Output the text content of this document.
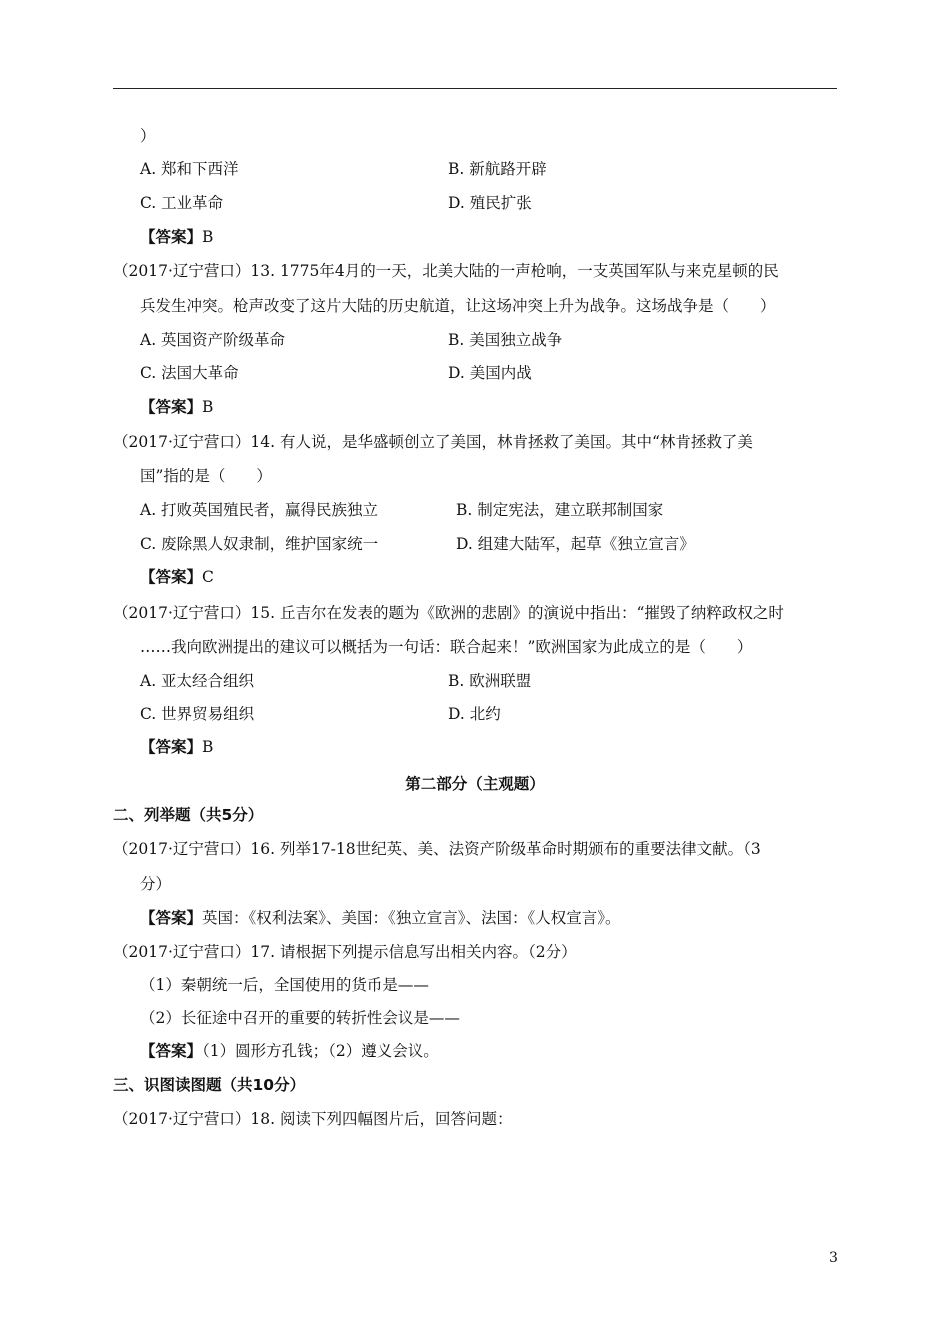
）
A. 郑和下西洋	B. 新航路开辟
C. 工业革命	D. 殖民扩张
【答案】B
（2017·辽宁营口）13. 1775年4月的一天，北美大陆的一声枪响，一支英国军队与来克星顿的民
兵发生冲突。枪声改变了这片大陆的历史航道，让这场冲突上升为战争。这场战争是（　　）
A. 英国资产阶级革命	B. 美国独立战争
C. 法国大革命	D. 美国内战
【答案】B
（2017·辽宁营口）14. 有人说，是华盛顿创立了美国，林肯拯救了美国。其中“林肯拯救了美
国”指的是（　　）
A. 打败英国殖民者，赢得民族独立	B. 制定宪法，建立联邦制国家
C. 废除黑人奴隶制，维护国家统一	D. 组建大陆军，起草《独立宣言》
【答案】C
（2017·辽宁营口）15. 丘吉尔在发表的题为《欧洲的悲剧》的演说中指出：“摧毁了纳粹政权之时
……我向欧洲提出的建议可以概括为一句话：联合起来！”欧洲国家为此成立的是（　　）
A. 亚太经合组织	B. 欧洲联盟
C. 世界贸易组织	D. 北约
【答案】B
第二部分（主观题）
二、列举题（共5分）
（2017·辽宁营口）16. 列举17-18世纪英、美、法资产阶级革命时期颁布的重要法律文献。（3
分）
【答案】英国：《权利法案》、美国：《独立宣言》、法国：《人权宣言》。
（2017·辽宁营口）17. 请根据下列提示信息写出相关内容。（2分）
（1）秦朝统一后，全国使用的货币是——
（2）长征途中召开的重要的转折性会议是——
【答案】（1）圆形方孔钱；（2）遵义会议。
三、识图读图题（共10分）
（2017·辽宁营口）18. 阅读下列四幅图片后，回答问题：
3
